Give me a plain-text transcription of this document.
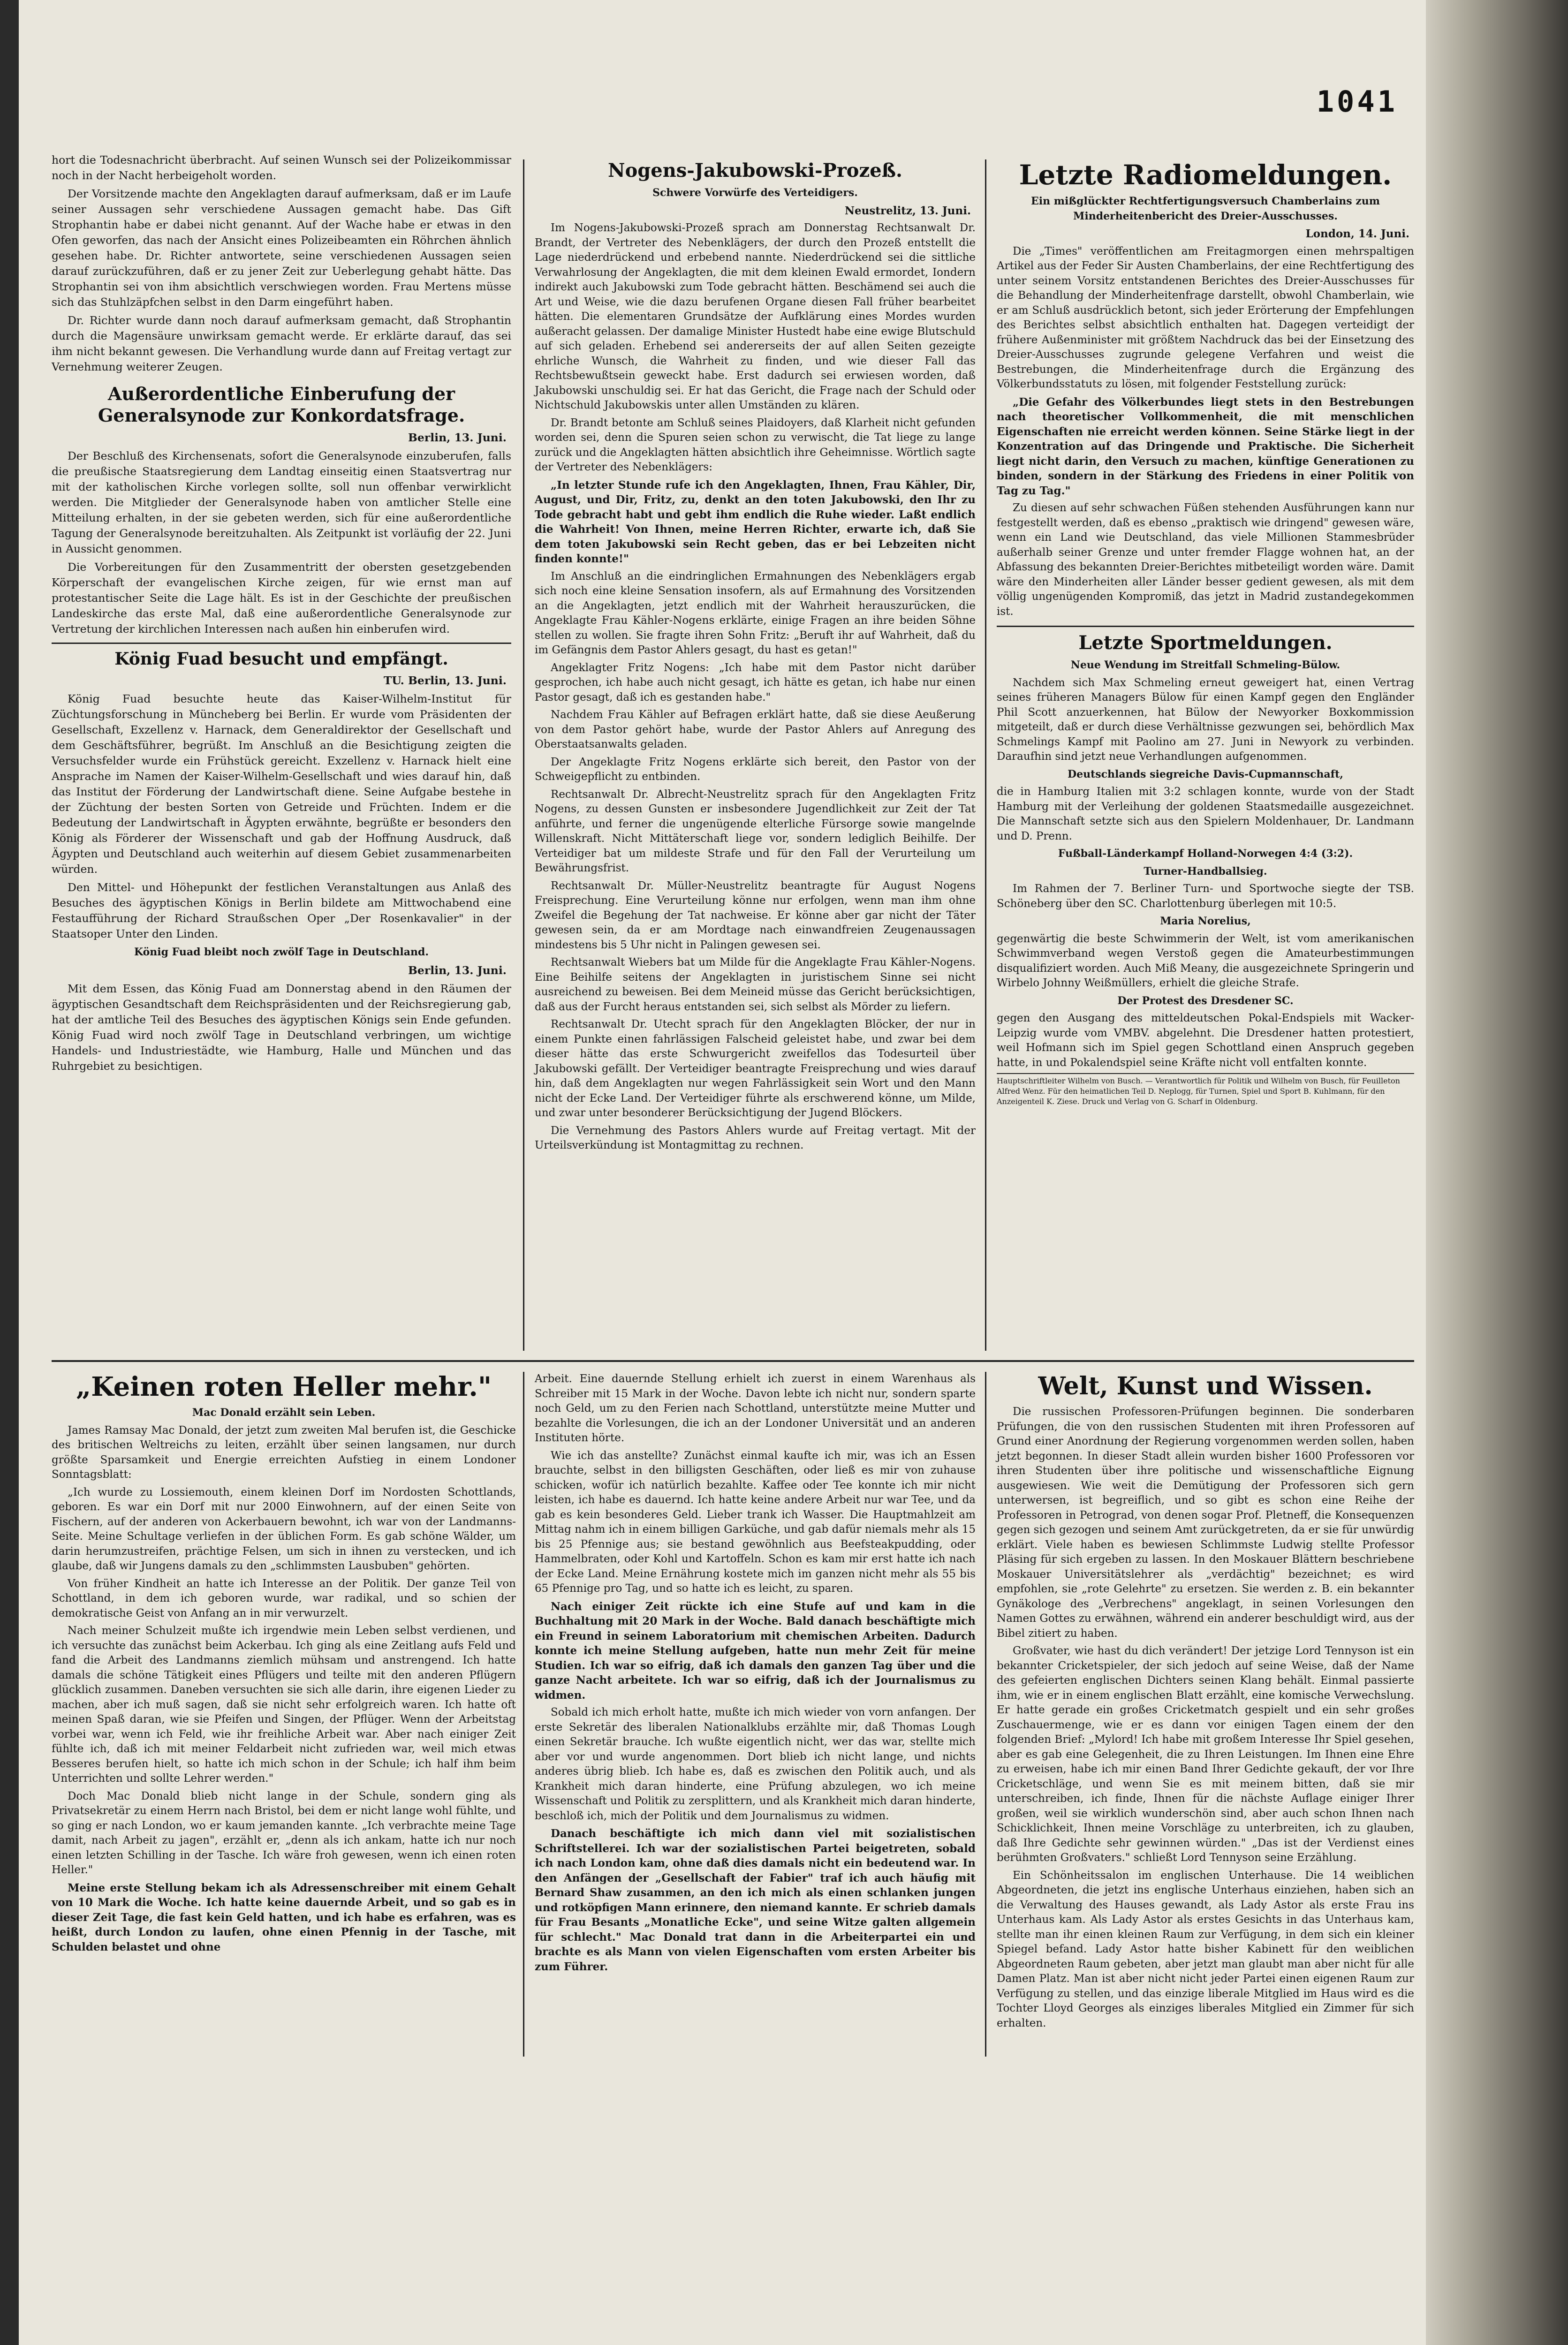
1041

hort die Todesnachricht überbracht. Auf seinen Wunsch sei der Polizeikommissar noch in der Nacht herbeigeholt worden.

Der Vorsitzende machte den Angeklagten darauf aufmerksam, daß er im Laufe seiner Aussagen sehr verschiedene Aussagen gemacht habe. Das Gift Strophantin habe er dabei nicht genannt. Auf der Wache habe er etwas in den Ofen geworfen, das nach der Ansicht eines Polizeibeamten ein Röhrchen ähnlich gesehen habe. Dr. Richter antwortete, seine verschiedenen Aussagen seien darauf zurückzuführen, daß er zu jener Zeit zur Ueberlegung gehabt hätte. Das Strophantin sei von ihm absichtlich verschwiegen worden. Frau Mertens müsse sich das Stuhlzäpfchen selbst in den Darm eingeführt haben.

Dr. Richter wurde dann noch darauf aufmerksam gemacht, daß Strophantin durch die Magensäure unwirksam gemacht werde. Er erklärte darauf, das sei ihm nicht bekannt gewesen. Die Verhandlung wurde dann auf Freitag vertagt zur Vernehmung weiterer Zeugen.

Außerordentliche Einberufung der Generalsynode zur Konkordatsfrage.
Berlin, 13. Juni.

Der Beschluß des Kirchensenats, sofort die Generalsynode einzuberufen, falls die preußische Staatsregierung dem Landtag einseitig einen Staatsvertrag nur mit der katholischen Kirche vorlegen sollte, soll nun offenbar verwirklicht werden. Die Mitglieder der Generalsynode haben von amtlicher Stelle eine Mitteilung erhalten, in der sie gebeten werden, sich für eine außerordentliche Tagung der Generalsynode bereitzuhalten. Als Zeitpunkt ist vorläufig der 22. Juni in Aussicht genommen.

Die Vorbereitungen für den Zusammentritt der obersten gesetzgebenden Körperschaft der evangelischen Kirche zeigen, für wie ernst man auf protestantischer Seite die Lage hält. Es ist in der Geschichte der preußischen Landeskirche das erste Mal, daß eine außerordentliche Generalsynode zur Vertretung der kirchlichen Interessen nach außen hin einberufen wird.

König Fuad besucht und empfängt.
TU. Berlin, 13. Juni.

König Fuad besuchte heute das Kaiser-Wilhelm-Institut für Züchtungsforschung in Müncheberg bei Berlin. Er wurde vom Präsidenten der Gesellschaft, Exzellenz v. Harnack, dem Generaldirektor der Gesellschaft und dem Geschäftsführer, begrüßt. Im Anschluß an die Besichtigung zeigten die Versuchsfelder wurde ein Frühstück gereicht. Exzellenz v. Harnack hielt eine Ansprache im Namen der Kaiser-Wilhelm-Gesellschaft und wies darauf hin, daß das Institut der Förderung der Landwirtschaft diene. Seine Aufgabe bestehe in der Züchtung der besten Sorten von Getreide und Früchten. Indem er die Bedeutung der Landwirtschaft in Ägypten erwähnte, begrüßte er besonders den König als Förderer der Wissenschaft und gab der Hoffnung Ausdruck, daß Ägypten und Deutschland auch weiterhin auf diesem Gebiet zusammenarbeiten würden.

Den Mittel- und Höhepunkt der festlichen Veranstaltungen aus Anlaß des Besuches des ägyptischen Königs in Berlin bildete am Mittwochabend eine Festaufführung der Richard Straußschen Oper „Der Rosenkavalier" in der Staatsoper Unter den Linden.

König Fuad bleibt noch zwölf Tage in Deutschland.
Berlin, 13. Juni.

Mit dem Essen, das König Fuad am Donnerstag abend in den Räumen der ägyptischen Gesandtschaft dem Reichspräsidenten und der Reichsregierung gab, hat der amtliche Teil des Besuches des ägyptischen Königs sein Ende gefunden. König Fuad wird noch zwölf Tage in Deutschland verbringen, um wichtige Handels- und Industriestädte, wie Hamburg, Halle und München und das Ruhrgebiet zu besichtigen.

Nogens-Jakubowski-Prozeß.
Schwere Vorwürfe des Verteidigers.
Neustrelitz, 13. Juni.

Im Nogens-Jakubowski-Prozeß sprach am Donnerstag Rechtsanwalt Dr. Brandt, der Vertreter des Nebenklägers, der durch den Prozeß entstellt die Lage niederdrückend und erbebend nannte. Niederdrückend sei die sittliche Verwahrlosung der Angeklagten, die mit dem kleinen Ewald ermordet, Iondern indirekt auch Jakubowski zum Tode gebracht hätten. Beschämend sei auch die Art und Weise, wie die dazu berufenen Organe diesen Fall früher bearbeitet hätten. Die elementaren Grundsätze der Aufklärung eines Mordes wurden außeracht gelassen. Der damalige Minister Hustedt habe eine ewige Blutschuld auf sich geladen. Erhebend sei andererseits der auf allen Seiten gezeigte ehrliche Wunsch, die Wahrheit zu finden, und wie dieser Fall das Rechtsbewußtsein geweckt habe. Erst dadurch sei erwiesen worden, daß Jakubowski unschuldig sei. Er hat das Gericht, die Frage nach der Schuld oder Nichtschuld Jakubowskis unter allen Umständen zu klären.

Dr. Brandt betonte am Schluß seines Plaidoyers, daß Klarheit nicht gefunden worden sei, denn die Spuren seien schon zu verwischt, die Tat liege zu lange zurück und die Angeklagten hätten absichtlich ihre Geheimnisse. Wörtlich sagte der Vertreter des Nebenklägers:

„In letzter Stunde rufe ich den Angeklagten, Ihnen, Frau Kähler, Dir, August, und Dir, Fritz, zu, denkt an den toten Jakubowski, den Ihr zu Tode gebracht habt und gebt ihm endlich die Ruhe wieder. Laßt endlich die Wahrheit! Von Ihnen, meine Herren Richter, erwarte ich, daß Sie dem toten Jakubowski sein Recht geben, das er bei Lebzeiten nicht finden konnte!"

Im Anschluß an die eindringlichen Ermahnungen des Nebenklägers ergab sich noch eine kleine Sensation insofern, als auf Ermahnung des Vorsitzenden an die Angeklagten, jetzt endlich mit der Wahrheit herauszurücken, die Angeklagte Frau Kähler-Nogens erklärte, einige Fragen an ihre beiden Söhne stellen zu wollen. Sie fragte ihren Sohn Fritz: „Beruft ihr auf Wahrheit, daß du im Gefängnis dem Pastor Ahlers gesagt, du hast es getan!"

Angeklagter Fritz Nogens: „Ich habe mit dem Pastor nicht darüber gesprochen, ich habe auch nicht gesagt, ich hätte es getan, ich habe nur einen Pastor gesagt, daß ich es gestanden habe."

Nachdem Frau Kähler auf Befragen erklärt hatte, daß sie diese Aeußerung von dem Pastor gehört habe, wurde der Pastor Ahlers auf Anregung des Oberstaatsanwalts geladen.

Der Angeklagte Fritz Nogens erklärte sich bereit, den Pastor von der Schweigepflicht zu entbinden.

Rechtsanwalt Dr. Albrecht-Neustrelitz sprach für den Angeklagten Fritz Nogens, zu dessen Gunsten er insbesondere Jugendlichkeit zur Zeit der Tat anführte, und ferner die ungenügende elterliche Fürsorge sowie mangelnde Willenskraft. Nicht Mittäterschaft liege vor, sondern lediglich Beihilfe. Der Verteidiger bat um mildeste Strafe und für den Fall der Verurteilung um Bewährungsfrist.

Rechtsanwalt Dr. Müller-Neustrelitz beantragte für August Nogens Freisprechung. Eine Verurteilung könne nur erfolgen, wenn man ihm ohne Zweifel die Begehung der Tat nachweise. Er könne aber gar nicht der Täter gewesen sein, da er am Mordtage nach einwandfreien Zeugenaussagen mindestens bis 5 Uhr nicht in Palingen gewesen sei.

Rechtsanwalt Wiebers bat um Milde für die Angeklagte Frau Kähler-Nogens. Eine Beihilfe seitens der Angeklagten in juristischem Sinne sei nicht ausreichend zu beweisen. Bei dem Meineid müsse das Gericht berücksichtigen, daß aus der Furcht heraus entstanden sei, sich selbst als Mörder zu liefern.

Rechtsanwalt Dr. Utecht sprach für den Angeklagten Blöcker, der nur in einem Punkte einen fahrlässigen Falscheid geleistet habe, und zwar bei dem dieser hätte das erste Schwurgericht zweifellos das Todesurteil über Jakubowski gefällt. Der Verteidiger beantragte Freisprechung und wies darauf hin, daß dem Angeklagten nur wegen Fahrlässigkeit sein Wort und den Mann nicht der Ecke Land. Der Verteidiger führte als erschwerend könne, um Milde, und zwar unter besonderer Berücksichtigung der Jugend Blöckers.

Die Vernehmung des Pastors Ahlers wurde auf Freitag vertagt. Mit der Urteilsverkündung ist Montagmittag zu rechnen.

Letzte Radiomeldungen.
Ein mißglückter Rechtfertigungsversuch Chamberlains zum Minderheitenbericht des Dreier-Ausschusses.
London, 14. Juni.

Die „Times" veröffentlichen am Freitagmorgen einen mehrspaltigen Artikel aus der Feder Sir Austen Chamberlains, der eine Rechtfertigung des unter seinem Vorsitz entstandenen Berichtes des Dreier-Ausschusses für die Behandlung der Minderheitenfrage darstellt, obwohl Chamberlain, wie er am Schluß ausdrücklich betont, sich jeder Erörterung der Empfehlungen des Berichtes selbst absichtlich enthalten hat. Dagegen verteidigt der frühere Außenminister mit größtem Nachdruck das bei der Einsetzung des Dreier-Ausschusses zugrunde gelegene Verfahren und weist die Bestrebungen, die Minderheitenfrage durch die Ergänzung des Völkerbundsstatuts zu lösen, mit folgender Feststellung zurück:

„Die Gefahr des Völkerbundes liegt stets in den Bestrebungen nach theoretischer Vollkommenheit, die mit menschlichen Eigenschaften nie erreicht werden können. Seine Stärke liegt in der Konzentration auf das Dringende und Praktische. Die Sicherheit liegt nicht darin, den Versuch zu machen, künftige Generationen zu binden, sondern in der Stärkung des Friedens in einer Politik von Tag zu Tag."

Zu diesen auf sehr schwachen Füßen stehenden Ausführungen kann nur festgestellt werden, daß es ebenso „praktisch wie dringend" gewesen wäre, wenn ein Land wie Deutschland, das viele Millionen Stammesbrüder außerhalb seiner Grenze und unter fremder Flagge wohnen hat, an der Abfassung des bekannten Dreier-Berichtes mitbeteiligt worden wäre. Damit wäre den Minderheiten aller Länder besser gedient gewesen, als mit dem völlig ungenügenden Kompromiß, das jetzt in Madrid zustandegekommen ist.

Letzte Sportmeldungen.
Neue Wendung im Streitfall Schmeling-Bülow.

Nachdem sich Max Schmeling erneut geweigert hat, einen Vertrag seines früheren Managers Bülow für einen Kampf gegen den Engländer Phil Scott anzuerkennen, hat Bülow der Newyorker Boxkommission mitgeteilt, daß er durch diese Verhältnisse gezwungen sei, behördlich Max Schmelings Kampf mit Paolino am 27. Juni in Newyork zu verbinden. Daraufhin sind jetzt neue Verhandlungen aufgenommen.

Deutschlands siegreiche Davis-Cupmannschaft,

die in Hamburg Italien mit 3:2 schlagen konnte, wurde von der Stadt Hamburg mit der Verleihung der goldenen Staatsmedaille ausgezeichnet. Die Mannschaft setzte sich aus den Spielern Moldenhauer, Dr. Landmann und D. Prenn.

Fußball-Länderkampf Holland-Norwegen 4:4 (3:2).
Turner-Handballsieg.

Im Rahmen der 7. Berliner Turn- und Sportwoche siegte der TSB. Schöneberg über den SC. Charlottenburg überlegen mit 10:5.

Maria Norelius,

gegenwärtig die beste Schwimmerin der Welt, ist vom amerikanischen Schwimmverband wegen Verstoß gegen die Amateurbestimmungen disqualifiziert worden. Auch Miß Meany, die ausgezeichnete Springerin und Wirbelo Johnny Weißmüllers, erhielt die gleiche Strafe.

Der Protest des Dresdener SC.

gegen den Ausgang des mitteldeutschen Pokal-Endspiels mit Wacker-Leipzig wurde vom VMBV. abgelehnt. Die Dresdener hatten protestiert, weil Hofmann sich im Spiel gegen Schottland einen Anspruch gegeben hatte, in und Pokalendspiel seine Kräfte nicht voll entfalten konnte.

Hauptschriftleiter Wilhelm von Busch. — Verantwortlich für Politik und Wilhelm von Busch, für Feuilleton Alfred Wenz. Für den heimatlichen Teil D. Neplogg, für Turnen, Spiel und Sport B. Kuhlmann, für den Anzeigenteil K. Ziese. Druck und Verlag von G. Scharf in Oldenburg.
„Keinen roten Heller mehr."
Mac Donald erzählt sein Leben.

James Ramsay Mac Donald, der jetzt zum zweiten Mal berufen ist, die Geschicke des britischen Weltreichs zu leiten, erzählt über seinen langsamen, nur durch größte Sparsamkeit und Energie erreichten Aufstieg in einem Londoner Sonntagsblatt:

„Ich wurde zu Lossiemouth, einem kleinen Dorf im Nordosten Schottlands, geboren. Es war ein Dorf mit nur 2000 Einwohnern, auf der einen Seite von Fischern, auf der anderen von Ackerbauern bewohnt, ich war von der Landmanns-Seite. Meine Schultage verliefen in der üblichen Form. Es gab schöne Wälder, um darin herumzustreifen, prächtige Felsen, um sich in ihnen zu verstecken, und ich glaube, daß wir Jungens damals zu den „schlimmsten Lausbuben" gehörten.

Von früher Kindheit an hatte ich Interesse an der Politik. Der ganze Teil von Schottland, in dem ich geboren wurde, war radikal, und so schien der demokratische Geist von Anfang an in mir verwurzelt.

Nach meiner Schulzeit mußte ich irgendwie mein Leben selbst verdienen, und ich versuchte das zunächst beim Ackerbau. Ich ging als eine Zeitlang aufs Feld und fand die Arbeit des Landmanns ziemlich mühsam und anstrengend. Ich hatte damals die schöne Tätigkeit eines Pflügers und teilte mit den anderen Pflügern glücklich zusammen. Daneben versuchten sie sich alle darin, ihre eigenen Lieder zu machen, aber ich muß sagen, daß sie nicht sehr erfolgreich waren. Ich hatte oft meinen Spaß daran, wie sie Pfeifen und Singen, der Pflüger. Wenn der Arbeitstag vorbei war, wenn ich Feld, wie ihr freihliche Arbeit war. Aber nach einiger Zeit fühlte ich, daß ich mit meiner Feldarbeit nicht zufrieden war, weil mich etwas Besseres berufen hielt, so hatte ich mich schon in der Schule; ich half ihm beim Unterrichten und sollte Lehrer werden."

Doch Mac Donald blieb nicht lange in der Schule, sondern ging als Privatsekretär zu einem Herrn nach Bristol, bei dem er nicht lange wohl fühlte, und so ging er nach London, wo er kaum jemanden kannte. „Ich verbrachte meine Tage damit, nach Arbeit zu jagen", erzählt er, „denn als ich ankam, hatte ich nur noch einen letzten Schilling in der Tasche. Ich wäre froh gewesen, wenn ich einen roten Heller."

Meine erste Stellung bekam ich als Adressenschreiber mit einem Gehalt von 10 Mark die Woche. Ich hatte keine dauernde Arbeit, und so gab es in dieser Zeit Tage, die fast kein Geld hatten, und ich habe es erfahren, was es heißt, durch London zu laufen, ohne einen Pfennig in der Tasche, mit Schulden belastet und ohne

Arbeit. Eine dauernde Stellung erhielt ich zuerst in einem Warenhaus als Schreiber mit 15 Mark in der Woche. Davon lebte ich nicht nur, sondern sparte noch Geld, um zu den Ferien nach Schottland, unterstützte meine Mutter und bezahlte die Vorlesungen, die ich an der Londoner Universität und an anderen Instituten hörte.

Wie ich das anstellte? Zunächst einmal kaufte ich mir, was ich an Essen brauchte, selbst in den billigsten Geschäften, oder ließ es mir von zuhause schicken, wofür ich natürlich bezahlte. Kaffee oder Tee konnte ich mir nicht leisten, ich habe es dauernd. Ich hatte keine andere Arbeit nur war Tee, und da gab es kein besonderes Geld. Lieber trank ich Wasser. Die Hauptmahlzeit am Mittag nahm ich in einem billigen Garküche, und gab dafür niemals mehr als 15 bis 25 Pfennige aus; sie bestand gewöhnlich aus Beefsteakpudding, oder Hammelbraten, oder Kohl und Kartoffeln. Schon es kam mir erst hatte ich nach der Ecke Land. Meine Ernährung kostete mich im ganzen nicht mehr als 55 bis 65 Pfennige pro Tag, und so hatte ich es leicht, zu sparen.

Nach einiger Zeit rückte ich eine Stufe auf und kam in die Buchhaltung mit 20 Mark in der Woche. Bald danach beschäftigte mich ein Freund in seinem Laboratorium mit chemischen Arbeiten. Dadurch konnte ich meine Stellung aufgeben, hatte nun mehr Zeit für meine Studien. Ich war so eifrig, daß ich damals den ganzen Tag über und die ganze Nacht arbeitete. Ich war so eifrig, daß ich der Journalismus zu widmen.

Sobald ich mich erholt hatte, mußte ich mich wieder von vorn anfangen. Der erste Sekretär des liberalen Nationalklubs erzählte mir, daß Thomas Lough einen Sekretär brauche. Ich wußte eigentlich nicht, wer das war, stellte mich aber vor und wurde angenommen. Dort blieb ich nicht lange, und nichts anderes übrig blieb. Ich habe es, daß es zwischen den Politik auch, und als Krankheit mich daran hinderte, eine Prüfung abzulegen, wo ich meine Wissenschaft und Politik zu zersplittern, und als Krankheit mich daran hinderte, beschloß ich, mich der Politik und dem Journalismus zu widmen.

Danach beschäftigte ich mich dann viel mit sozialistischen Schriftstellerei. Ich war der sozialistischen Partei beigetreten, sobald ich nach London kam, ohne daß dies damals nicht ein bedeutend war. In den Anfängen der „Gesellschaft der Fabier" traf ich auch häufig mit Bernard Shaw zusammen, an den ich mich als einen schlanken jungen und rotköpfigen Mann erinnere, den niemand kannte. Er schrieb damals für Frau Besants „Monatliche Ecke", und seine Witze galten allgemein für schlecht." Mac Donald trat dann in die Arbeiterpartei ein und brachte es als Mann von vielen Eigenschaften vom ersten Arbeiter bis zum Führer.

Welt, Kunst und Wissen.

Die russischen Professoren-Prüfungen beginnen. Die sonderbaren Prüfungen, die von den russischen Studenten mit ihren Professoren auf Grund einer Anordnung der Regierung vorgenommen werden sollen, haben jetzt begonnen. In dieser Stadt allein wurden bisher 1600 Professoren vor ihren Studenten über ihre politische und wissenschaftliche Eignung ausgewiesen. Wie weit die Demütigung der Professoren sich gern unterwersen, ist begreiflich, und so gibt es schon eine Reihe der Professoren in Petrograd, von denen sogar Prof. Pletneff, die Konsequenzen gegen sich gezogen und seinem Amt zurückgetreten, da er sie für unwürdig erklärt. Viele haben es bewiesen Schlimmste Ludwig stellte Professor Pläsing für sich ergeben zu lassen. In den Moskauer Blättern beschriebene Moskauer Universitätslehrer als „verdächtig" bezeichnet; es wird empfohlen, sie „rote Gelehrte" zu ersetzen. Sie werden z. B. ein bekannter Gynäkologe des „Verbrechens" angeklagt, in seinen Vorlesungen den Namen Gottes zu erwähnen, während ein anderer beschuldigt wird, aus der Bibel zitiert zu haben.

Großvater, wie hast du dich verändert! Der jetzige Lord Tennyson ist ein bekannter Cricketspieler, der sich jedoch auf seine Weise, daß der Name des gefeierten englischen Dichters seinen Klang behält. Einmal passierte ihm, wie er in einem englischen Blatt erzählt, eine komische Verwechslung. Er hatte gerade ein großes Cricketmatch gespielt und ein sehr großes Zuschauermenge, wie er es dann vor einigen Tagen einem der den folgenden Brief: „Mylord! Ich habe mit großem Interesse Ihr Spiel gesehen, aber es gab eine Gelegenheit, die zu Ihren Leistungen. Im Ihnen eine Ehre zu erweisen, habe ich mir einen Band Ihrer Gedichte gekauft, der vor Ihre Cricketschläge, und wenn Sie es mit meinem bitten, daß sie mir unterschreiben, ich finde, Ihnen für die nächste Auflage einiger Ihrer großen, weil sie wirklich wunderschön sind, aber auch schon Ihnen nach Schicklichkeit, Ihnen meine Vorschläge zu unterbreiten, ich zu glauben, daß Ihre Gedichte sehr gewinnen würden." „Das ist der Verdienst eines berühmten Großvaters." schließt Lord Tennyson seine Erzählung.

Ein Schönheitssalon im englischen Unterhause. Die 14 weiblichen Abgeordneten, die jetzt ins englische Unterhaus einziehen, haben sich an die Verwaltung des Hauses gewandt, als Lady Astor als erste Frau ins Unterhaus kam. Als Lady Astor als erstes Gesichts in das Unterhaus kam, stellte man ihr einen kleinen Raum zur Verfügung, in dem sich ein kleiner Spiegel befand. Lady Astor hatte bisher Kabinett für den weiblichen Abgeordneten Raum gebeten, aber jetzt man glaubt man aber nicht für alle Damen Platz. Man ist aber nicht nicht jeder Partei einen eigenen Raum zur Verfügung zu stellen, und das einzige liberale Mitglied im Haus wird es die Tochter Lloyd Georges als einziges liberales Mitglied ein Zimmer für sich erhalten.
